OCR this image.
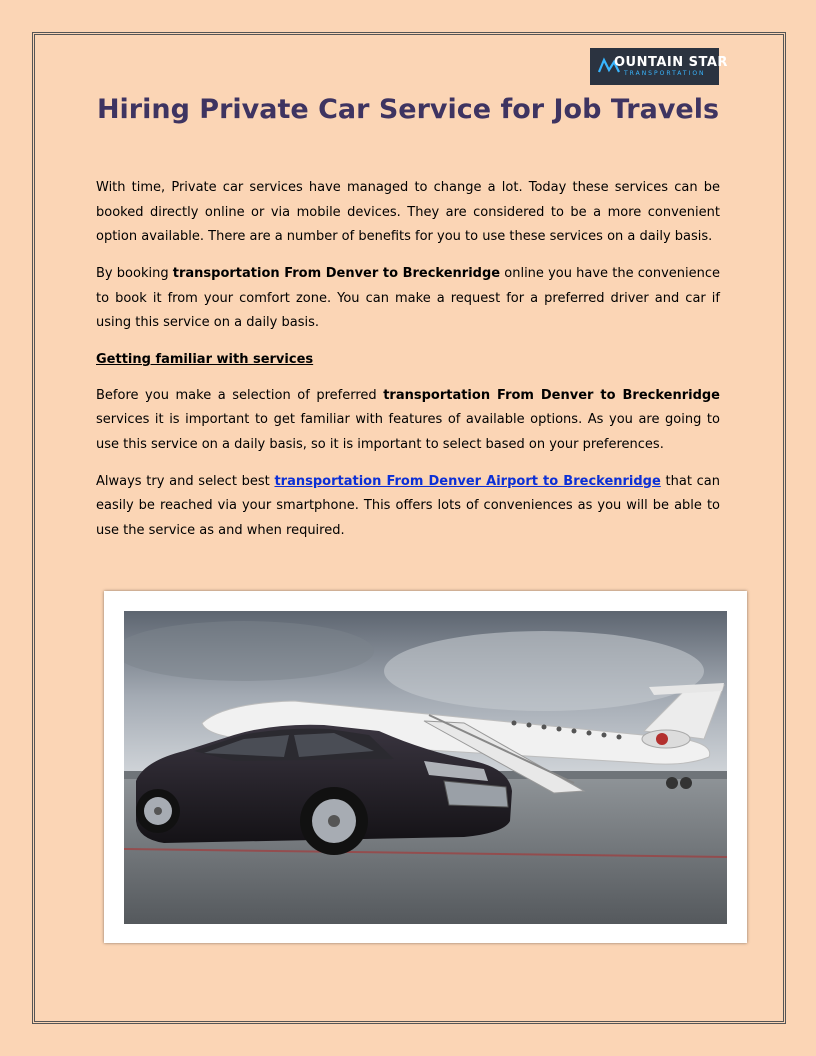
OUNTAIN STAR
TRANSPORTATION
Hiring Private Car Service for Job Travels

With time, Private car services have managed to change a lot. Today these services can be booked directly online or via mobile devices. They are considered to be a more convenient option available. There are a number of benefits for you to use these services on a daily basis.

By booking transportation From Denver to Breckenridge online you have the convenience to book it from your comfort zone. You can make a request for a preferred driver and car if using this service on a daily basis.

Getting familiar with services

Before you make a selection of preferred transportation From Denver to Breckenridge services it is important to get familiar with features of available options. As you are going to use this service on a daily basis, so it is important to select based on your preferences.

Always try and select best transportation From Denver Airport to Breckenridge that can easily be reached via your smartphone. This offers lots of conveniences as you will be able to use the service as and when required.
